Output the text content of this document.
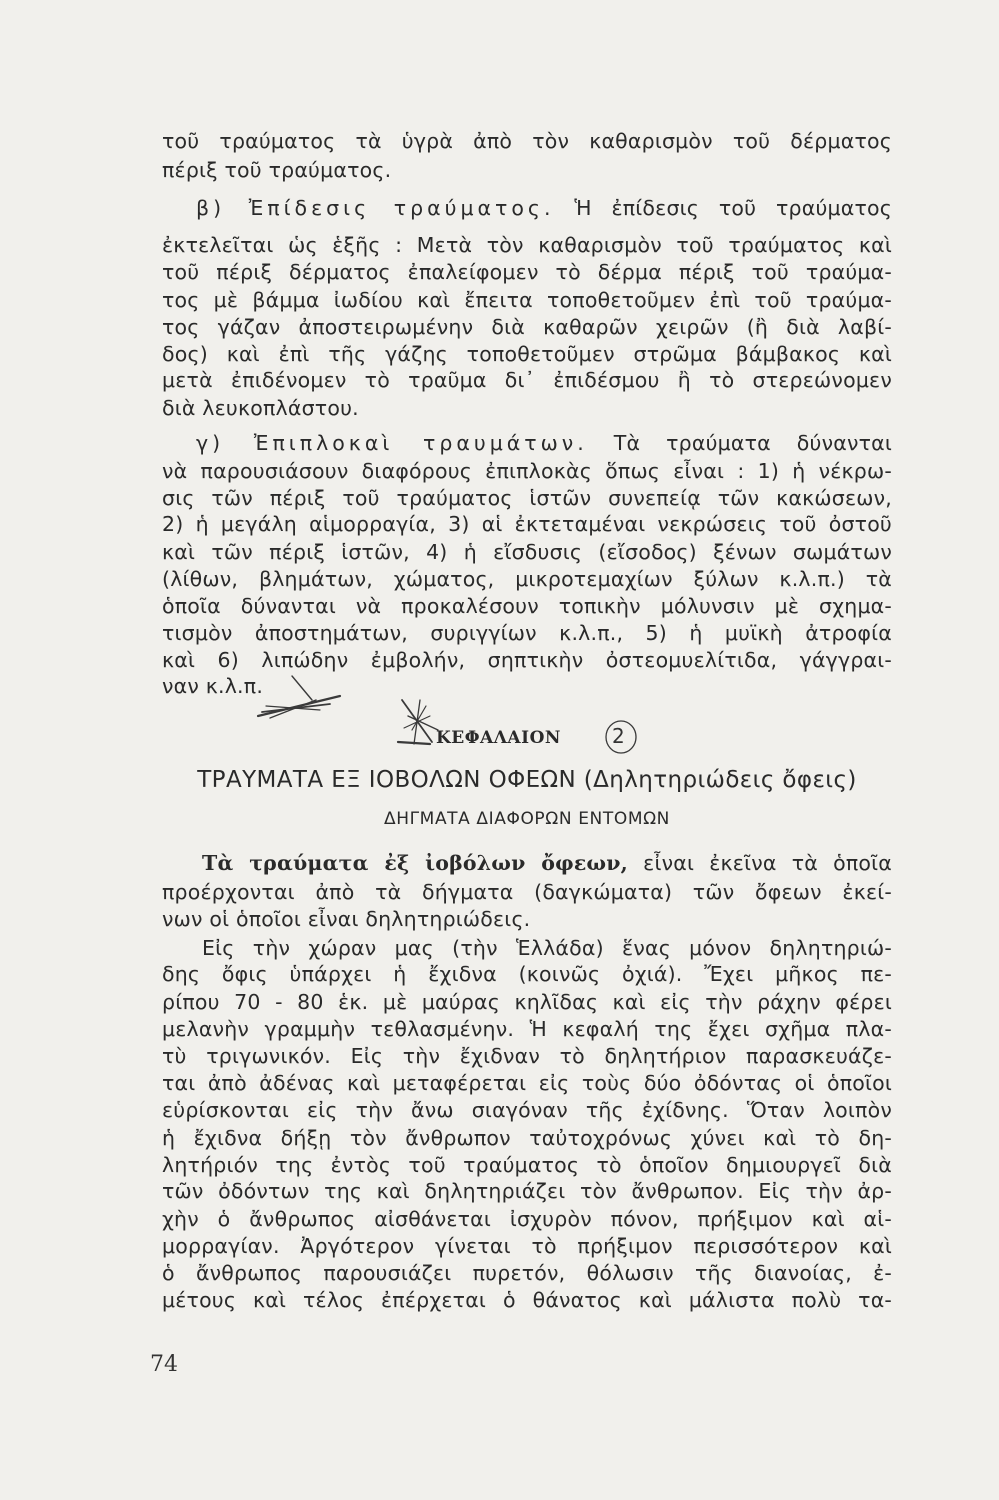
τοῦ τραύματος τὰ ὑγρὰ ἀπὸ τὸν καθαρισμὸν τοῦ δέρματος
πέριξ τοῦ τραύματος.
β) Ἐπίδεσις τραύματος. Ἡ ἐπίδεσις τοῦ τραύματος
ἐκτελεῖται ὡς ἑξῆς : Μετὰ τὸν καθαρισμὸν τοῦ τραύματος καὶ
τοῦ πέριξ δέρματος ἐπαλείφομεν τὸ δέρμα πέριξ τοῦ τραύμα-
τος μὲ βάμμα ἰωδίου καὶ ἔπειτα τοποθετοῦμεν ἐπὶ τοῦ τραύμα-
τος γάζαν ἀποστειρωμένην διὰ καθαρῶν χειρῶν (ἢ διὰ λαβί-
δος) καὶ ἐπὶ τῆς γάζης τοποθετοῦμεν στρῶμα βάμβακος καὶ
μετὰ ἐπιδένομεν τὸ τραῦμα δι᾽ ἐπιδέσμου ἢ τὸ στερεώνομεν
διὰ λευκοπλάστου.
γ) Ἐπιπλοκαὶ τραυμάτων. Τὰ τραύματα δύνανται
νὰ παρουσιάσουν διαφόρους ἐπιπλοκὰς ὅπως εἶναι : 1) ἡ νέκρω-
σις τῶν πέριξ τοῦ τραύματος ἱστῶν συνεπείᾳ τῶν κακώσεων,
2) ἡ μεγάλη αἱμορραγία, 3) αἱ ἐκτεταμέναι νεκρώσεις τοῦ ὀστοῦ
καὶ τῶν πέριξ ἱστῶν, 4) ἡ εἴσδυσις (εἴσοδος) ξένων σωμάτων
(λίθων, βλημάτων, χώματος, μικροτεμαχίων ξύλων κ.λ.π.) τὰ
ὁποῖα δύνανται νὰ προκαλέσουν τοπικὴν μόλυνσιν μὲ σχημα-
τισμὸν ἀποστημάτων, συριγγίων κ.λ.π., 5) ἡ μυϊκὴ ἀτροφία
καὶ 6) λιπώδην ἐμβολήν, σηπτικὴν ὀστεομυελίτιδα, γάγγραι-
ναν κ.λ.π.
ΚΕΦΑΛΑΙΟΝ	2
ΤΡΑΥΜΑΤΑ ΕΞ ΙΟΒΟΛΩΝ ΟΦΕΩΝ (Δηλητηριώδεις ὄφεις)
ΔΗΓΜΑΤΑ ΔΙΑΦΟΡΩΝ ΕΝΤΟΜΩΝ
Τὰ τραύματα ἐξ ἰοβόλων ὄφεων, εἶναι ἐκεῖνα τὰ ὁποῖα
προέρχονται ἀπὸ τὰ δήγματα (δαγκώματα) τῶν ὄφεων ἐκεί-
νων οἱ ὁποῖοι εἶναι δηλητηριώδεις.
Εἰς τὴν χώραν μας (τὴν Ἑλλάδα) ἕνας μόνον δηλητηριώ-
δης ὄφις ὑπάρχει ἡ ἔχιδνα (κοινῶς ὀχιά). Ἔχει μῆκος πε-
ρίπου 70 - 80 ἑκ. μὲ μαύρας κηλῖδας καὶ εἰς τὴν ράχην φέρει
μελανὴν γραμμὴν τεθλασμένην. Ἡ κεφαλή της ἔχει σχῆμα πλα-
τὺ τριγωνικόν. Εἰς τὴν ἔχιδναν τὸ δηλητήριον παρασκευάζε-
ται ἀπὸ ἀδένας καὶ μεταφέρεται εἰς τοὺς δύο ὀδόντας οἱ ὁποῖοι
εὑρίσκονται εἰς τὴν ἄνω σιαγόναν τῆς ἐχίδνης. Ὅταν λοιπὸν
ἡ ἔχιδνα δήξῃ τὸν ἄνθρωπον ταὐτοχρόνως χύνει καὶ τὸ δη-
λητήριόν της ἐντὸς τοῦ τραύματος τὸ ὁποῖον δημιουργεῖ διὰ
τῶν ὀδόντων της καὶ δηλητηριάζει τὸν ἄνθρωπον. Εἰς τὴν ἀρ-
χὴν ὁ ἄνθρωπος αἰσθάνεται ἰσχυρὸν πόνον, πρήξιμον καὶ αἱ-
μορραγίαν. Ἀργότερον γίνεται τὸ πρήξιμον περισσότερον καὶ
ὁ ἄνθρωπος παρουσιάζει πυρετόν, θόλωσιν τῆς διανοίας, ἐ-
μέτους καὶ τέλος ἐπέρχεται ὁ θάνατος καὶ μάλιστα πολὺ τα-
74
